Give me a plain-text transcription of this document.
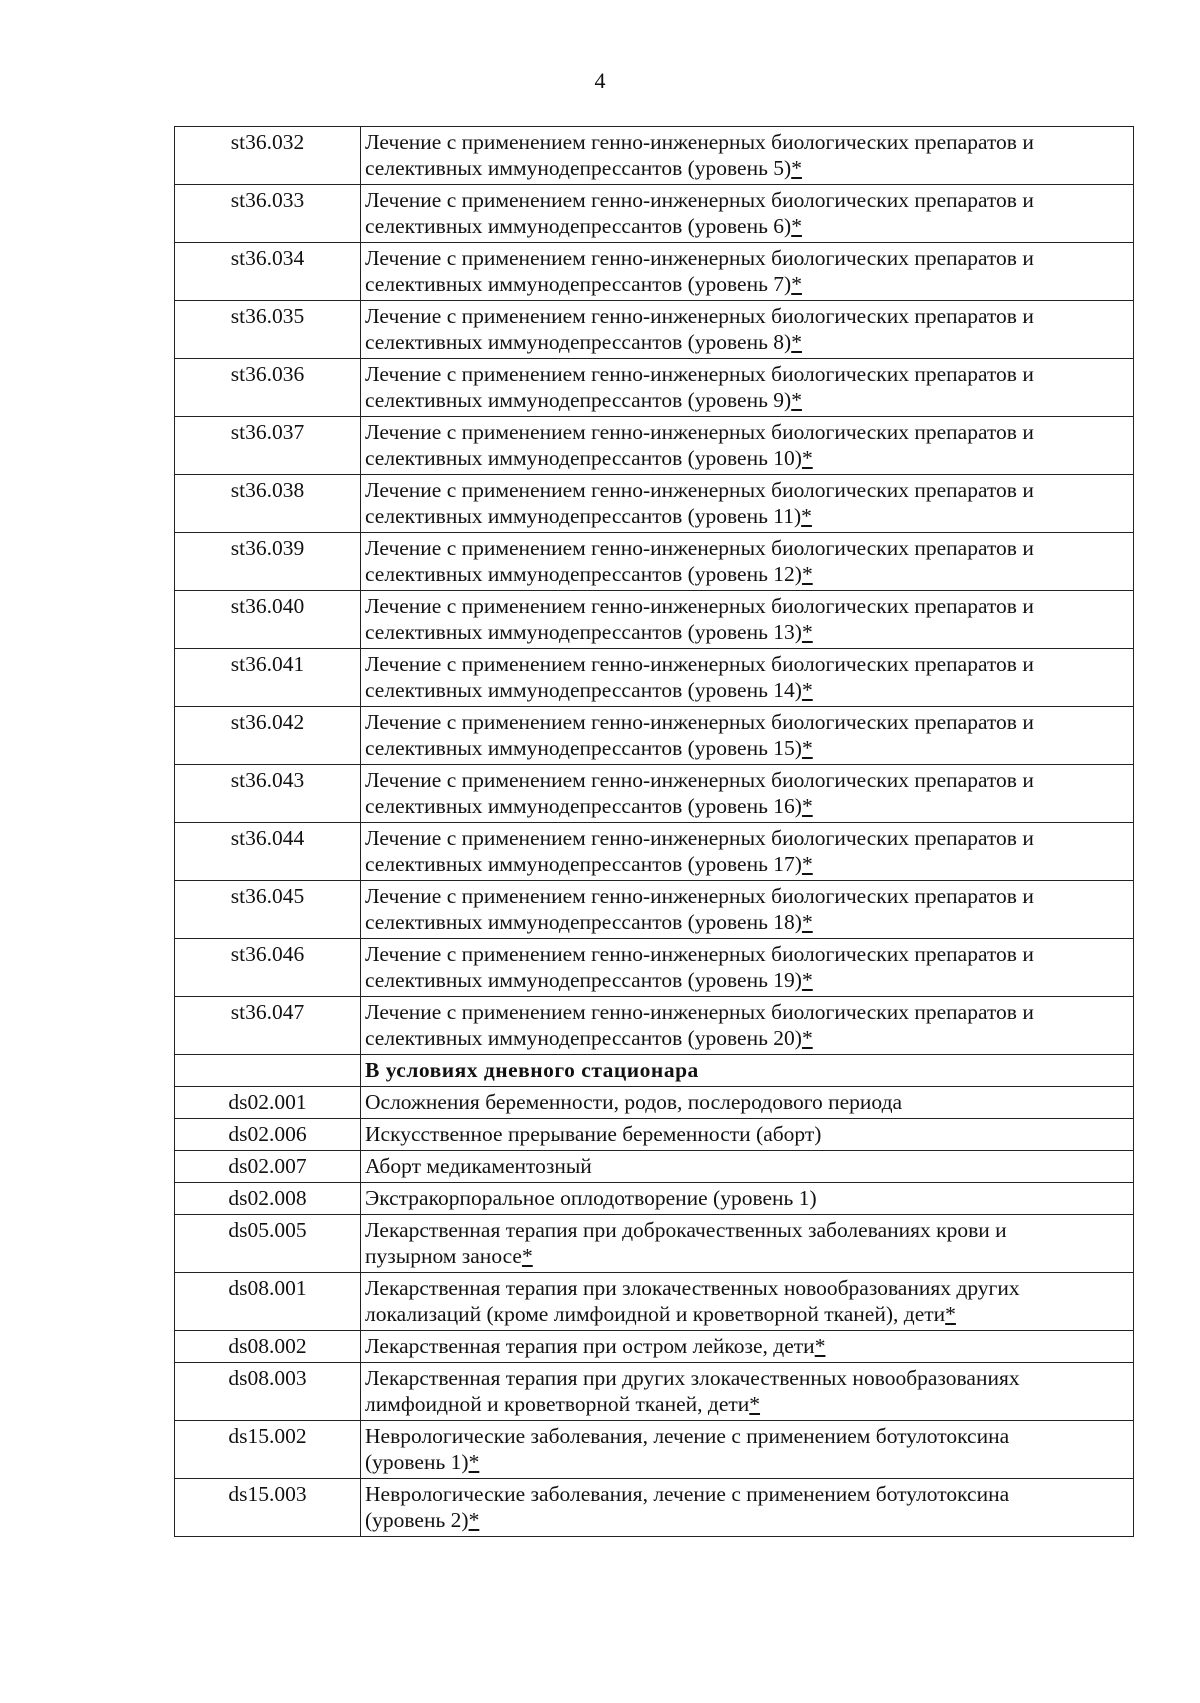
4
st36.032	Лечение с применением генно-инженерных биологических препаратов и
селективных иммунодепрессантов (уровень 5)*
st36.033	Лечение с применением генно-инженерных биологических препаратов и
селективных иммунодепрессантов (уровень 6)*
st36.034	Лечение с применением генно-инженерных биологических препаратов и
селективных иммунодепрессантов (уровень 7)*
st36.035	Лечение с применением генно-инженерных биологических препаратов и
селективных иммунодепрессантов (уровень 8)*
st36.036	Лечение с применением генно-инженерных биологических препаратов и
селективных иммунодепрессантов (уровень 9)*
st36.037	Лечение с применением генно-инженерных биологических препаратов и
селективных иммунодепрессантов (уровень 10)*
st36.038	Лечение с применением генно-инженерных биологических препаратов и
селективных иммунодепрессантов (уровень 11)*
st36.039	Лечение с применением генно-инженерных биологических препаратов и
селективных иммунодепрессантов (уровень 12)*
st36.040	Лечение с применением генно-инженерных биологических препаратов и
селективных иммунодепрессантов (уровень 13)*
st36.041	Лечение с применением генно-инженерных биологических препаратов и
селективных иммунодепрессантов (уровень 14)*
st36.042	Лечение с применением генно-инженерных биологических препаратов и
селективных иммунодепрессантов (уровень 15)*
st36.043	Лечение с применением генно-инженерных биологических препаратов и
селективных иммунодепрессантов (уровень 16)*
st36.044	Лечение с применением генно-инженерных биологических препаратов и
селективных иммунодепрессантов (уровень 17)*
st36.045	Лечение с применением генно-инженерных биологических препаратов и
селективных иммунодепрессантов (уровень 18)*
st36.046	Лечение с применением генно-инженерных биологических препаратов и
селективных иммунодепрессантов (уровень 19)*
st36.047	Лечение с применением генно-инженерных биологических препаратов и
селективных иммунодепрессантов (уровень 20)*
	В условиях дневного стационара
ds02.001	Осложнения беременности, родов, послеродового периода
ds02.006	Искусственное прерывание беременности (аборт)
ds02.007	Аборт медикаментозный
ds02.008	Экстракорпоральное оплодотворение (уровень 1)
ds05.005	Лекарственная терапия при доброкачественных заболеваниях крови и
пузырном заносе*
ds08.001	Лекарственная терапия при злокачественных новообразованиях других
локализаций (кроме лимфоидной и кроветворной тканей), дети*
ds08.002	Лекарственная терапия при остром лейкозе, дети*
ds08.003	Лекарственная терапия при других злокачественных новообразованиях
лимфоидной и кроветворной тканей, дети*
ds15.002	Неврологические заболевания, лечение с применением ботулотоксина
(уровень 1)*
ds15.003	Неврологические заболевания, лечение с применением ботулотоксина
(уровень 2)*
